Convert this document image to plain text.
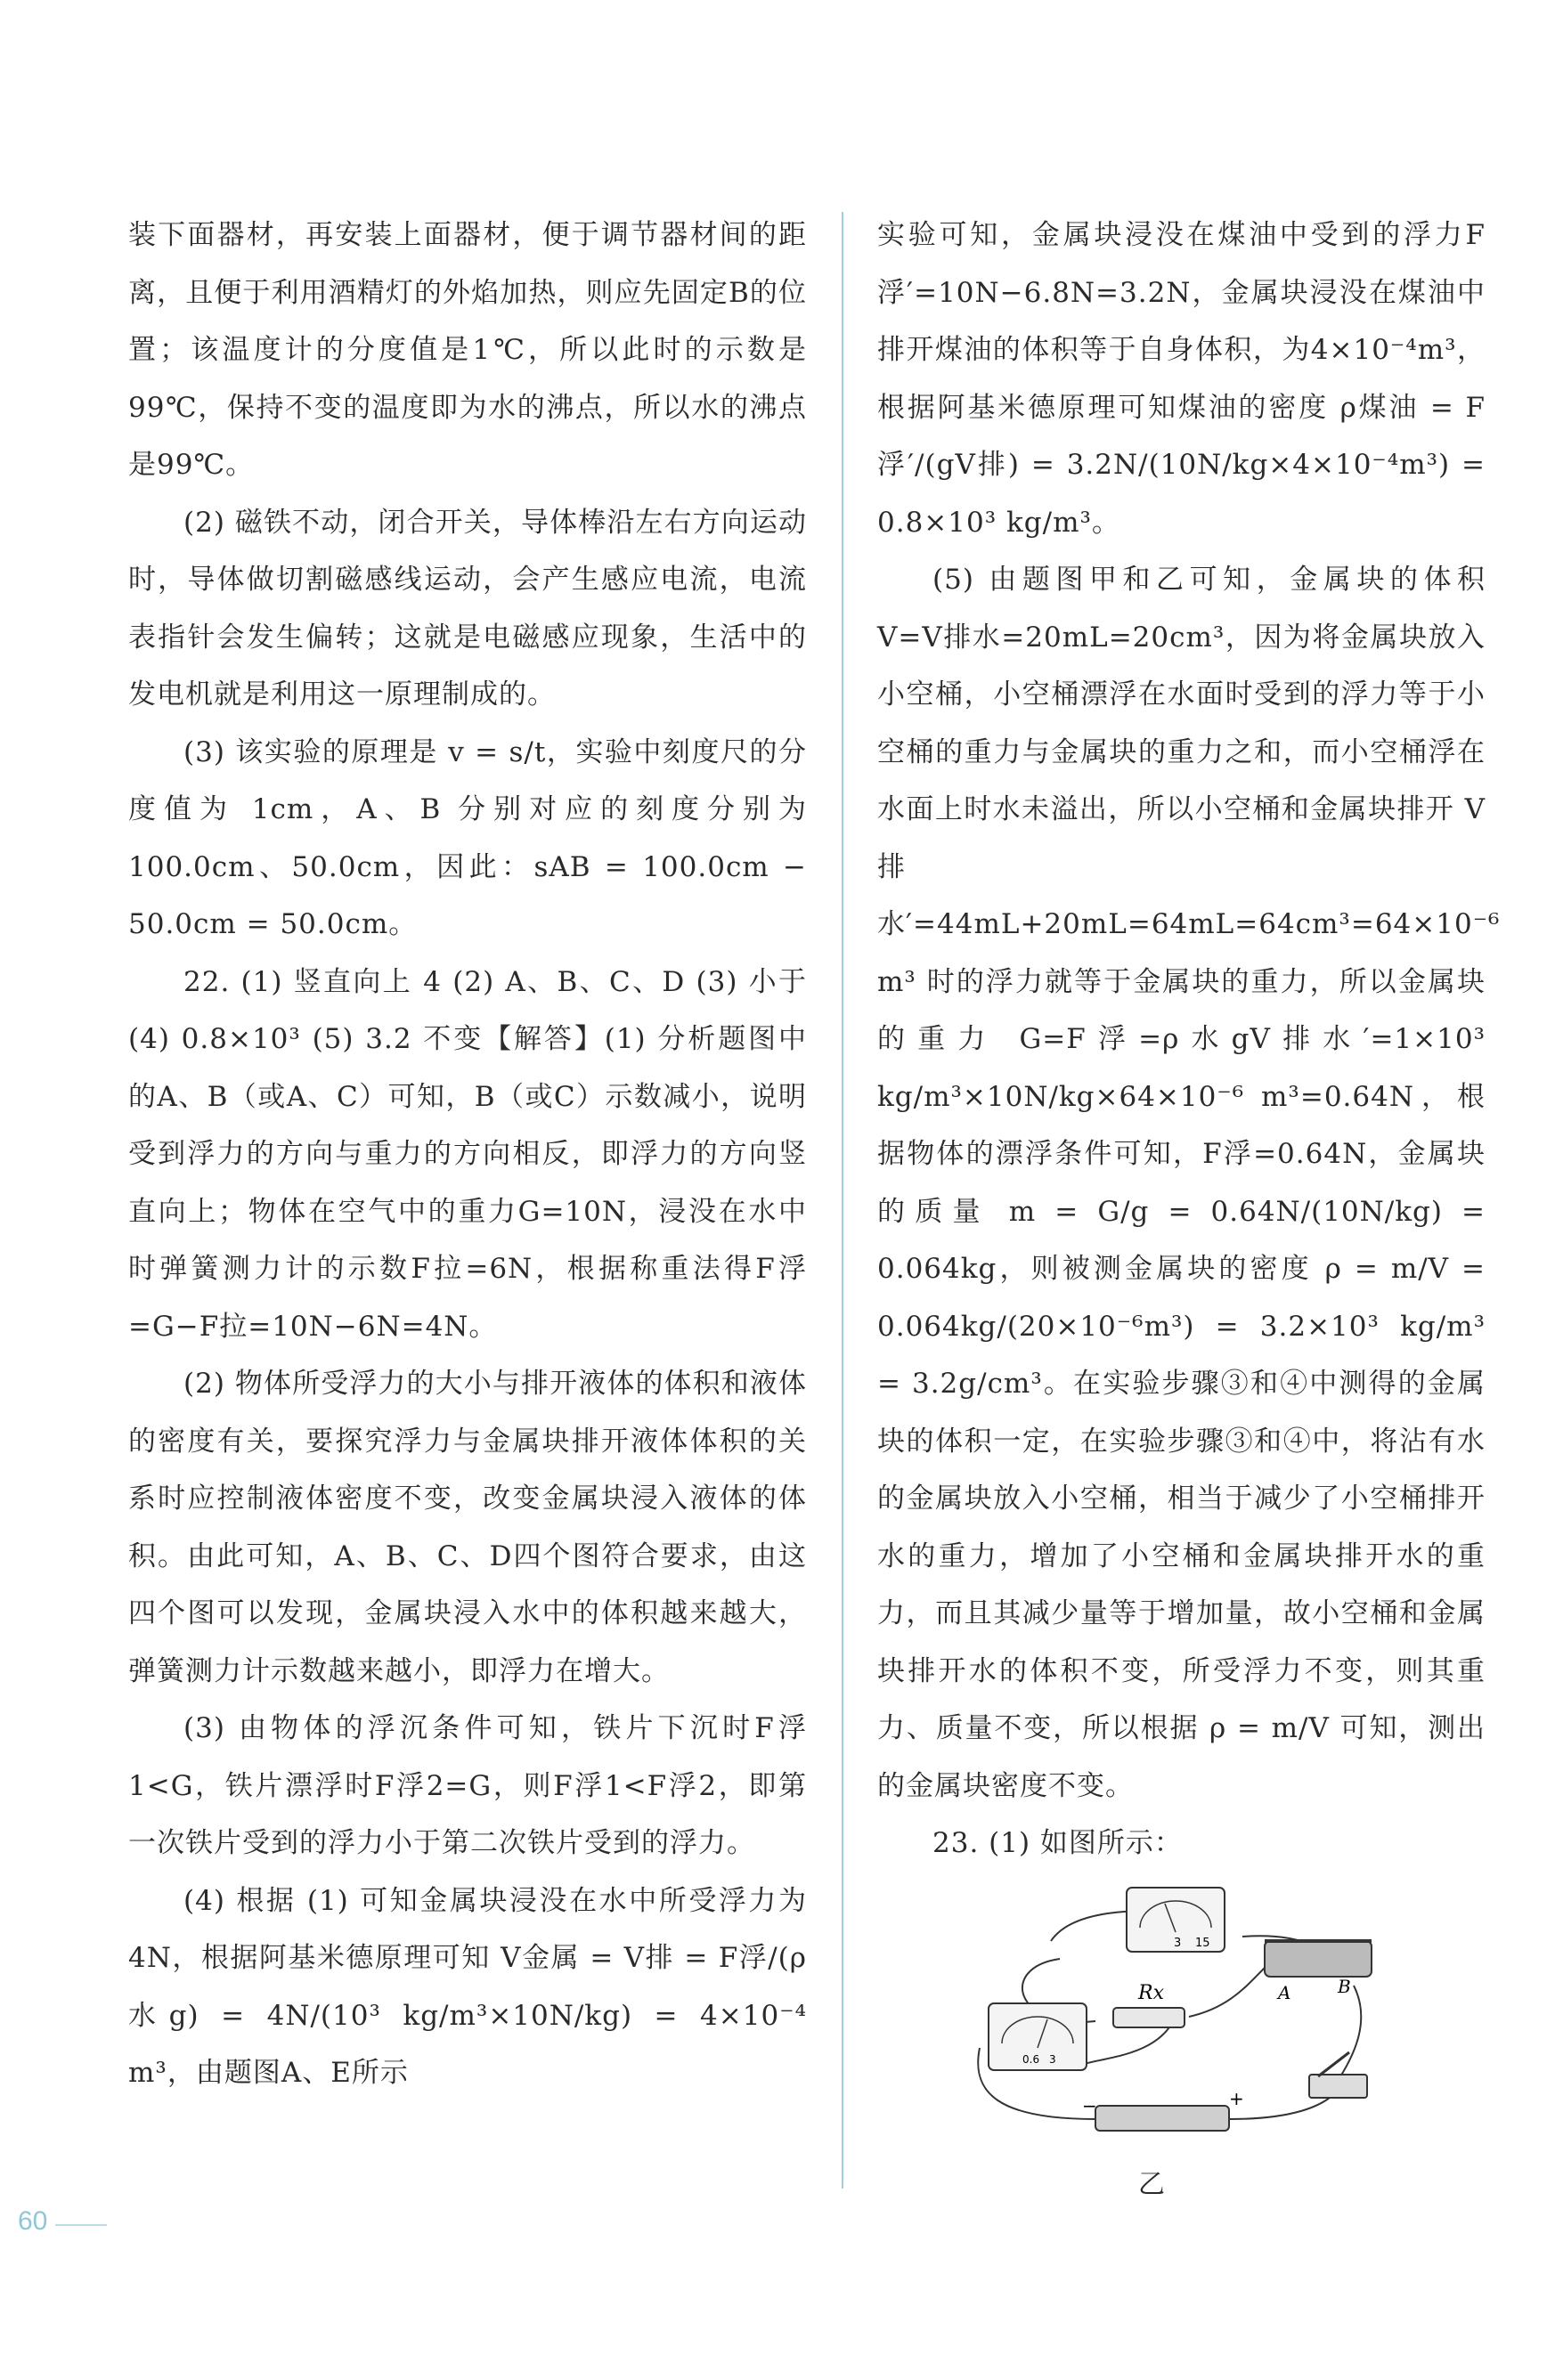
装下面器材，再安装上面器材，便于调节器材间的距离，且便于利用酒精灯的外焰加热，则应先固定B的位置；该温度计的分度值是1℃，所以此时的示数是99℃，保持不变的温度即为水的沸点，所以水的沸点是99℃。

(2) 磁铁不动，闭合开关，导体棒沿左右方向运动时，导体做切割磁感线运动，会产生感应电流，电流表指针会发生偏转；这就是电磁感应现象，生活中的发电机就是利用这一原理制成的。

(3) 该实验的原理是 v = s/t，实验中刻度尺的分度值为 1cm，A、B 分别对应的刻度分别为 100.0cm、50.0cm，因此：sAB = 100.0cm − 50.0cm = 50.0cm。

22. (1) 竖直向上 4 (2) A、B、C、D (3) 小于 (4) 0.8×10³ (5) 3.2 不变【解答】(1) 分析题图中的A、B（或A、C）可知，B（或C）示数减小，说明受到浮力的方向与重力的方向相反，即浮力的方向竖直向上；物体在空气中的重力G=10N，浸没在水中时弹簧测力计的示数F拉=6N，根据称重法得F浮=G−F拉=10N−6N=4N。

(2) 物体所受浮力的大小与排开液体的体积和液体的密度有关，要探究浮力与金属块排开液体体积的关系时应控制液体密度不变，改变金属块浸入液体的体积。由此可知，A、B、C、D四个图符合要求，由这四个图可以发现，金属块浸入水中的体积越来越大，弹簧测力计示数越来越小，即浮力在增大。

(3) 由物体的浮沉条件可知，铁片下沉时F浮1<G，铁片漂浮时F浮2=G，则F浮1<F浮2，即第一次铁片受到的浮力小于第二次铁片受到的浮力。

(4) 根据 (1) 可知金属块浸没在水中所受浮力为4N，根据阿基米德原理可知 V金属 = V排 = F浮/(ρ水g) = 4N/(10³ kg/m³×10N/kg) = 4×10⁻⁴ m³，由题图A、E所示

实验可知，金属块浸没在煤油中受到的浮力F浮′=10N−6.8N=3.2N，金属块浸没在煤油中排开煤油的体积等于自身体积，为4×10⁻⁴m³，根据阿基米德原理可知煤油的密度 ρ煤油 = F浮′/(gV排) = 3.2N/(10N/kg×4×10⁻⁴m³) = 0.8×10³ kg/m³。

(5) 由题图甲和乙可知，金属块的体积 V=V排水=20mL=20cm³，因为将金属块放入小空桶，小空桶漂浮在水面时受到的浮力等于小空桶的重力与金属块的重力之和，而小空桶浮在水面上时水未溢出，所以小空桶和金属块排开 V排水′=44mL+20mL=64mL=64cm³=64×10⁻⁶ m³ 时的浮力就等于金属块的重力，所以金属块的重力 G=F浮=ρ水gV排水′=1×10³ kg/m³×10N/kg×64×10⁻⁶ m³=0.64N，根据物体的漂浮条件可知，F浮=0.64N，金属块的质量 m = G/g = 0.64N/(10N/kg) = 0.064kg，则被测金属块的密度 ρ = m/V = 0.064kg/(20×10⁻⁶m³) = 3.2×10³ kg/m³ = 3.2g/cm³。在实验步骤③和④中测得的金属块的体积一定，在实验步骤③和④中，将沾有水的金属块放入小空桶，相当于减少了小空桶排开水的重力，增加了小空桶和金属块排开水的重力，而且其减少量等于增加量，故小空桶和金属块排开水的体积不变，所受浮力不变，则其重力、质量不变，所以根据 ρ = m/V 可知，测出的金属块密度不变。

23. (1) 如图所示：

3 15
0.6 3
Rx	A	B
−	+
乙
60
